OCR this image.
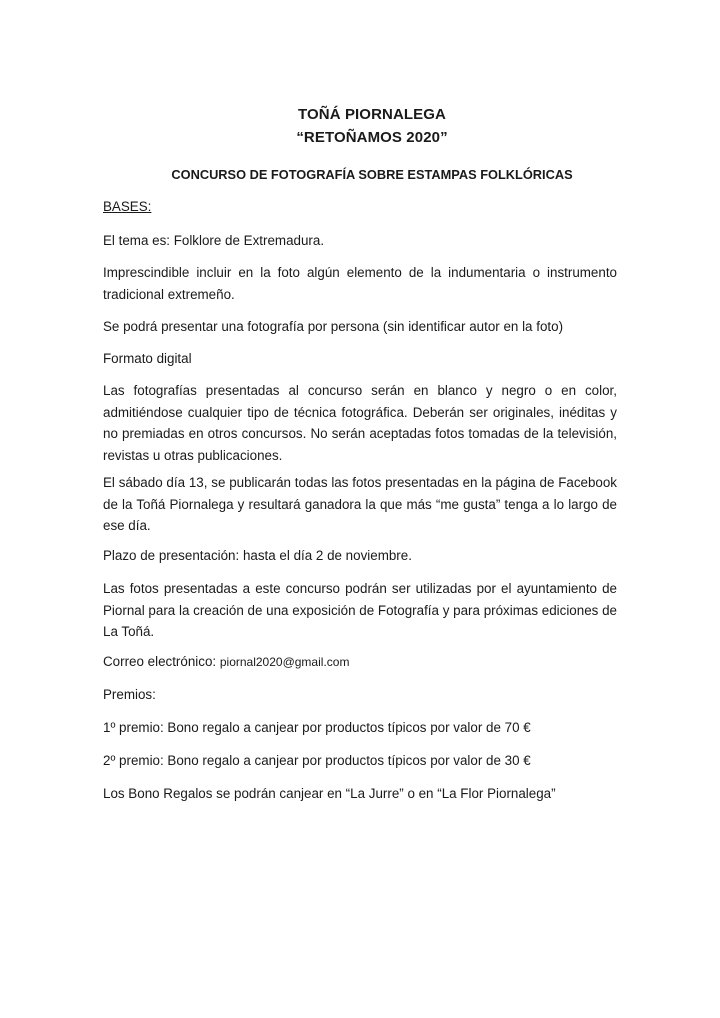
TOÑÁ PIORNALEGA
“RETOÑAMOS 2020”
CONCURSO DE FOTOGRAFÍA SOBRE ESTAMPAS FOLKLÓRICAS
BASES:
El tema es: Folklore de Extremadura.
Imprescindible incluir en la foto algún elemento de la indumentaria o instrumento tradicional extremeño.
Se podrá presentar una fotografía por persona (sin identificar autor en la foto)
Formato digital
Las fotografías presentadas al concurso serán en blanco y negro o en color, admitiéndose cualquier tipo de técnica fotográfica. Deberán ser originales, inéditas y no premiadas en otros concursos. No serán aceptadas fotos tomadas de la televisión, revistas u otras publicaciones.
El sábado día 13, se publicarán todas las fotos presentadas en la página de Facebook de la Toñá Piornalega y resultará ganadora la que más “me gusta” tenga a lo largo de ese día.
Plazo de presentación: hasta el día 2 de noviembre.
Las fotos presentadas a este concurso podrán ser utilizadas por el ayuntamiento de Piornal para la creación de una exposición de Fotografía y para próximas ediciones de La Toñá.
Correo electrónico: piornal2020@gmail.com
Premios:
1º premio: Bono regalo a canjear por productos típicos por valor de 70 €
2º premio: Bono regalo a canjear por productos típicos por valor de 30 €
Los Bono Regalos se podrán canjear en “La Jurre” o en “La Flor Piornalega”
